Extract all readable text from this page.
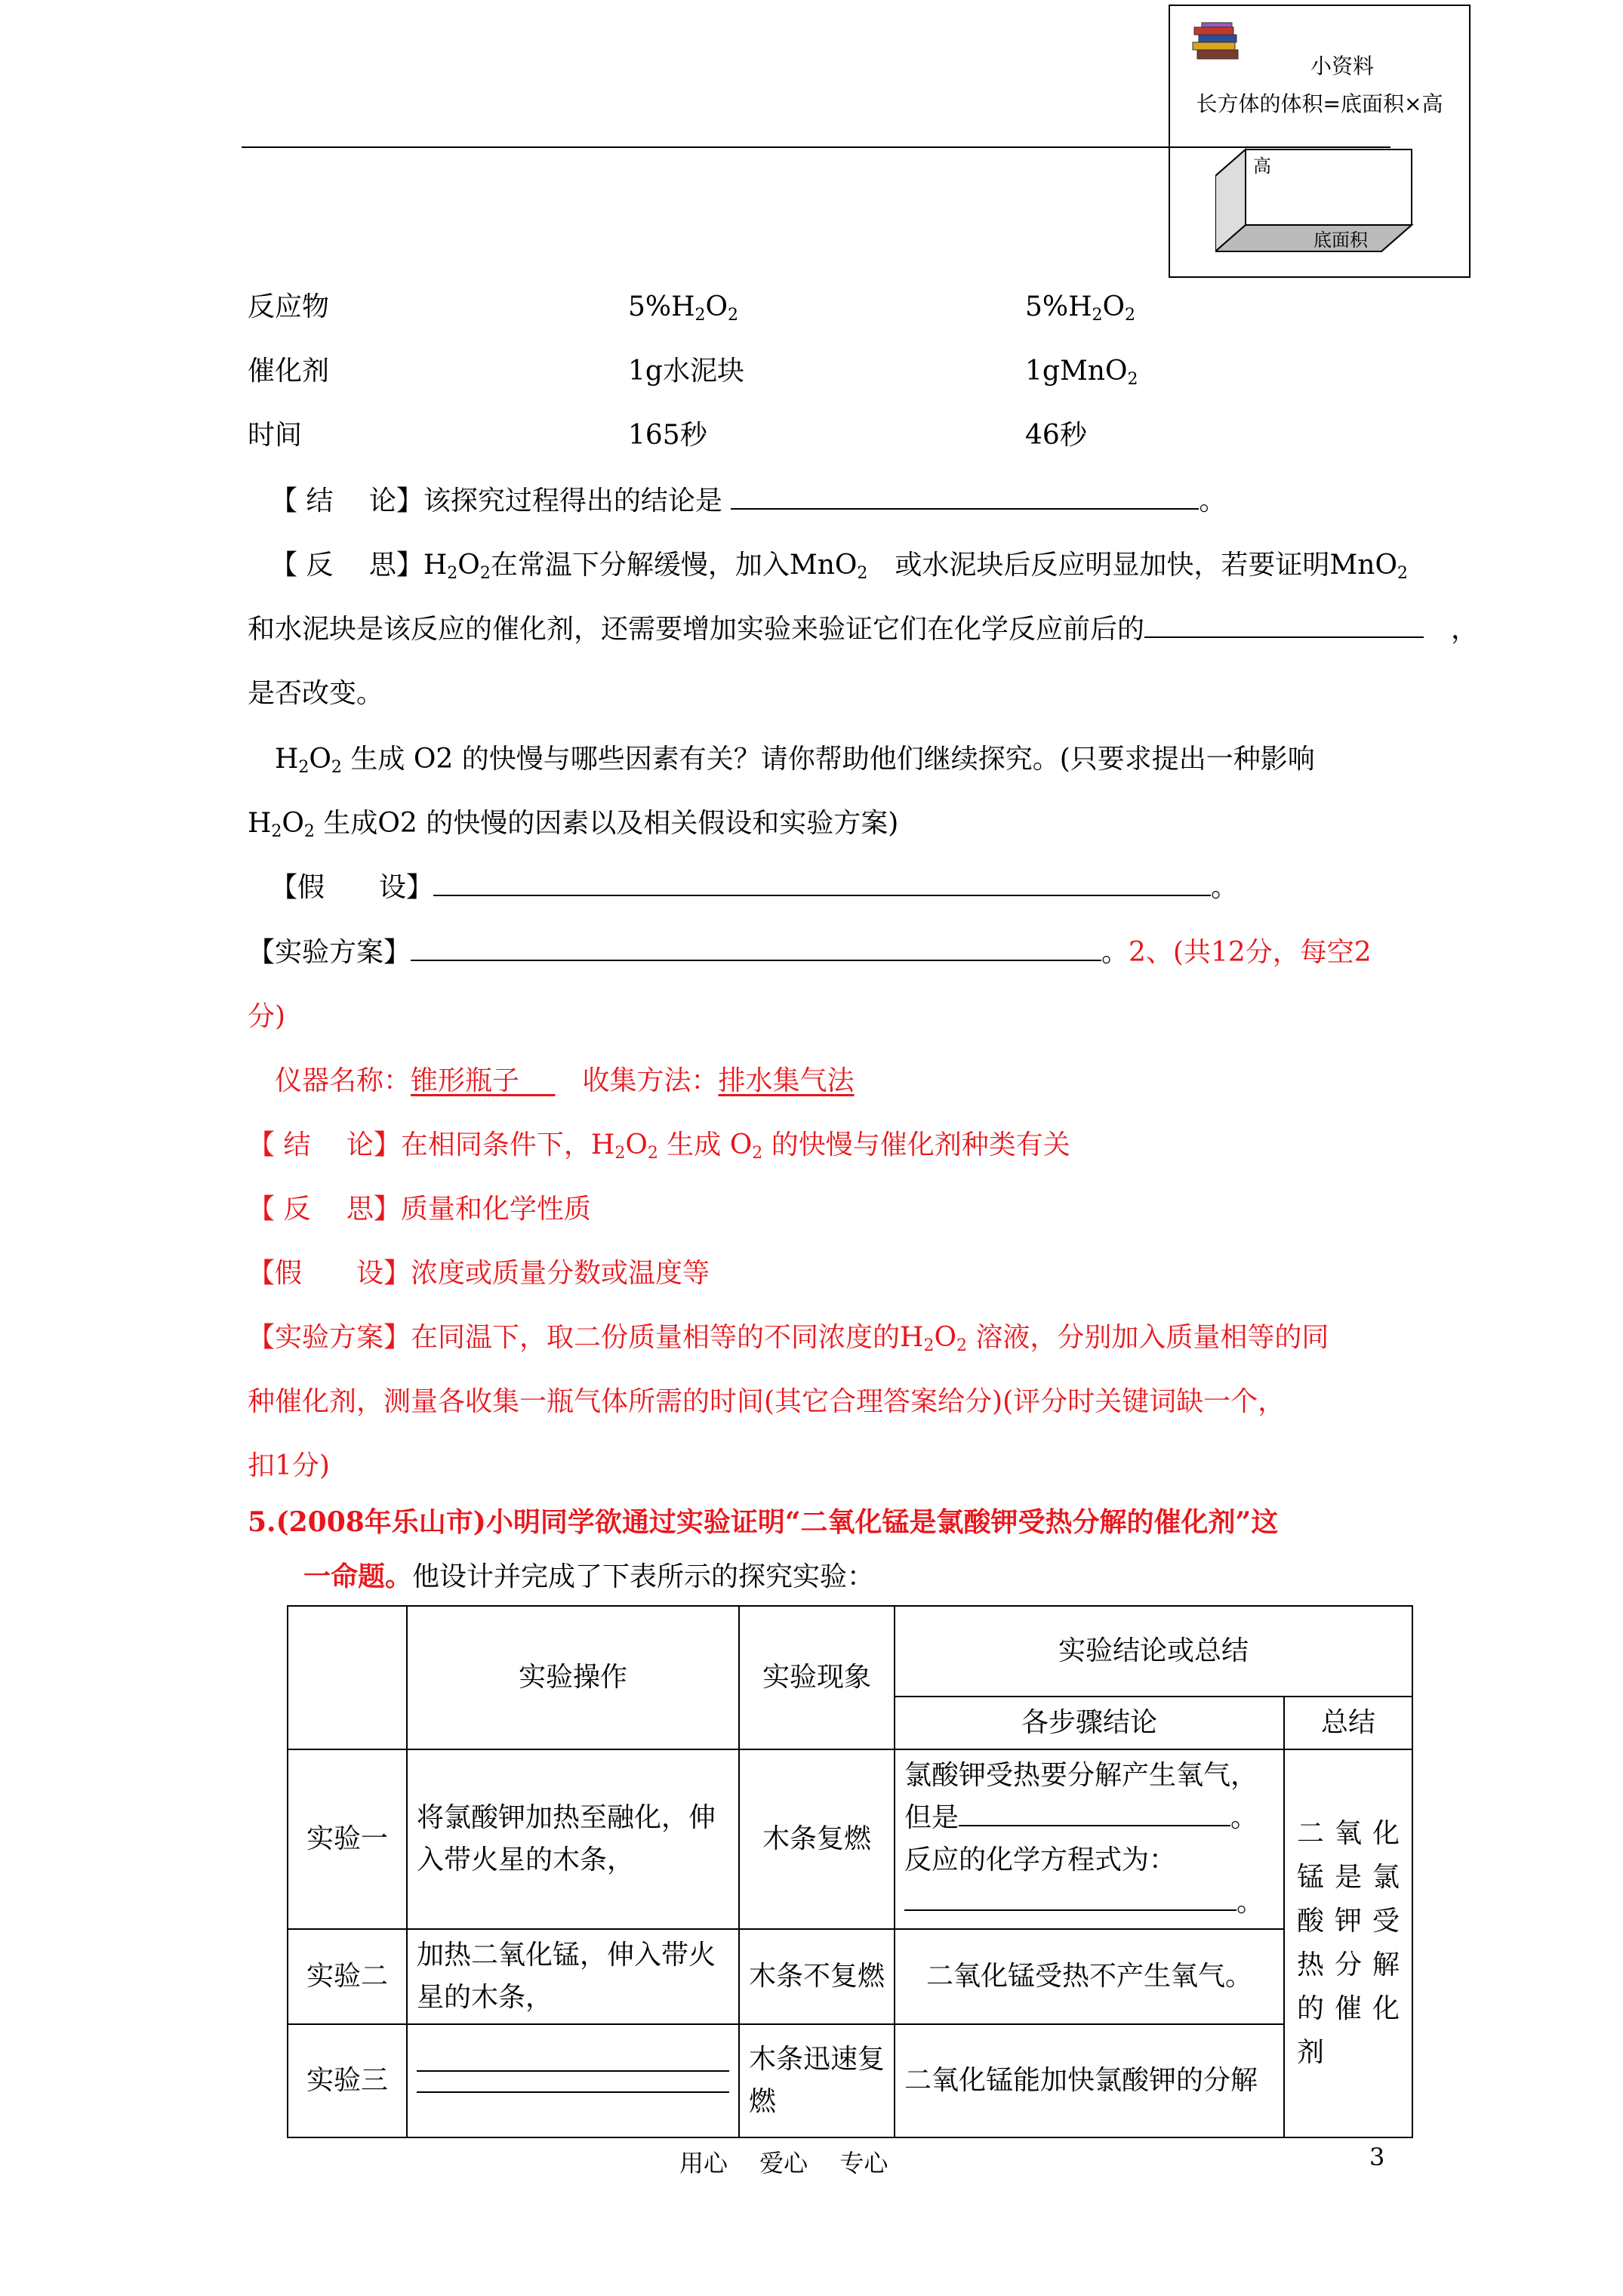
小资料
长方体的体积=底面积×高
高
底面积
反应物	$5\%H_2O_2$	$5\%H_2O_2$
催化剂	1g水泥块	1gMnO$_2$
时间	165秒	46秒
【 结　 论】该探究过程得出的结论是	。
【 反　 思】$H_2O_2$在常温下分解缓慢，加入MnO$_2$　 或水泥块后反应明显加快，若要证明MnO$_2$
和水泥块是该反应的催化剂，还需要增加实验来验证它们在化学反应前后的	　，
是否改变。
$H_2O_2$ 生成 O2 的快慢与哪些因素有关？请你帮助他们继续探究。(只要求提出一种影响
$H_2O_2$ 生成O2 的快慢的因素以及相关假设和实验方案)
【假　　设】	。
【实验方案】	。2、(共12分，每空2
分)
仪器名称：锥形瓶子　 　 收集方法：排水集气法
【 结　 论】在相同条件下，$H_2O_2$ 生成 $O_2$ 的快慢与催化剂种类有关
【 反　 思】质量和化学性质
【假　　设】浓度或质量分数或温度等
【实验方案】在同温下，取二份质量相等的不同浓度的$H_2O_2$ 溶液，分别加入质量相等的同
种催化剂，测量各收集一瓶气体所需的时间(其它合理答案给分)(评分时关键词缺一个，
扣1分)
5.(2008年乐山市)小明同学欲通过实验证明“二氧化锰是氯酸钾受热分解的催化剂”这
一命题。他设计并完成了下表所示的探究实验：
	实验操作	实验现象	实验结论或总结	
			各步骤结论	总结
实验一	将氯酸钾加热至融化，伸入带火星的木条，	木条复燃	氯酸钾受热要分解产生氧气，
但是 。
反应的化学方程式为：
。	二氧化锰是氯酸钾受热分解的催化剂
实验二	加热二氧化锰，伸入带火星的木条，	木条不复燃	二氧化锰受热不产生氧气。	
实验三		木条迅速复 燃	二氧化锰能加快氯酸钾的分解	
用心　 爱心　 专心	3
